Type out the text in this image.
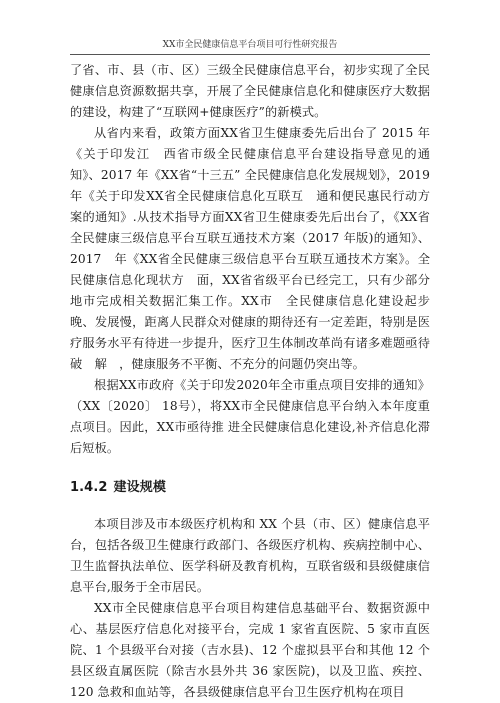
XX市全民健康信息平台项目可行性研究报告

了省、市、县（市、区）三级全民健康信息平台，初步实现了全民健康信息资源数据共享，开展了全民健康信息化和健康医疗大数据的建设，构建了“互联网+健康医疗”的新模式。

从省内来看，政策方面XX省卫生健康委先后出台了 2015 年《关于印发江　西省市级全民健康信息平台建设指导意见的通知》、2017 年《XX省“十三五” 全民健康信息化发展规划》，2019 年《关于印发XX省全民健康信息化互联互　通和便民惠民行动方案的通知》.从技术指导方面XX省卫生健康委先后出台了，《XX省全民健康三级信息平台互联互通技术方案（2017 年版)的通知》、2017　年《XX省全民健康三级信息平台互联互通技术方案》。全民健康信息化现状方　面，XX省省级平台已经完工，只有少部分地市完成相关数据汇集工作。XX市　全民健康信息化建设起步晚、发展慢，距离人民群众对健康的期待还有一定差距，特别是医疗服务水平有待进一步提升，医疗卫生体制改革尚有诸多难题亟待破　解　，健康服务不平衡、不充分的问题仍突出等。

根据XX市政府《关于印发2020年全市重点项目安排的通知》（XX〔2020〕 18号），将XX市全民健康信息平台纳入本年度重点项目。因此，XX市亟待推 进全民健康信息化建设,补齐信息化滞后短板。

1.4.2 建设规模

本项目涉及市本级医疗机构和 XX 个县（市、区）健康信息平台，包括各级卫生健康行政部门、各级医疗机构、疾病控制中心、卫生监督执法单位、医学科研及教育机构，互联省级和县级健康信息平台,服务于全市居民。

XX市全民健康信息平台项目构建信息基础平台、数据资源中心、基层医疗信息化对接平台，完成 1 家省直医院、5 家市直医院、1 个县级平台对接（吉水县)、12 个虚拟县平台和其他 12 个县区级直属医院（除吉水县外共 36 家医院)，以及卫监、疾控、120 急救和血站等，各县级健康信息平台卫生医疗机构在项目
